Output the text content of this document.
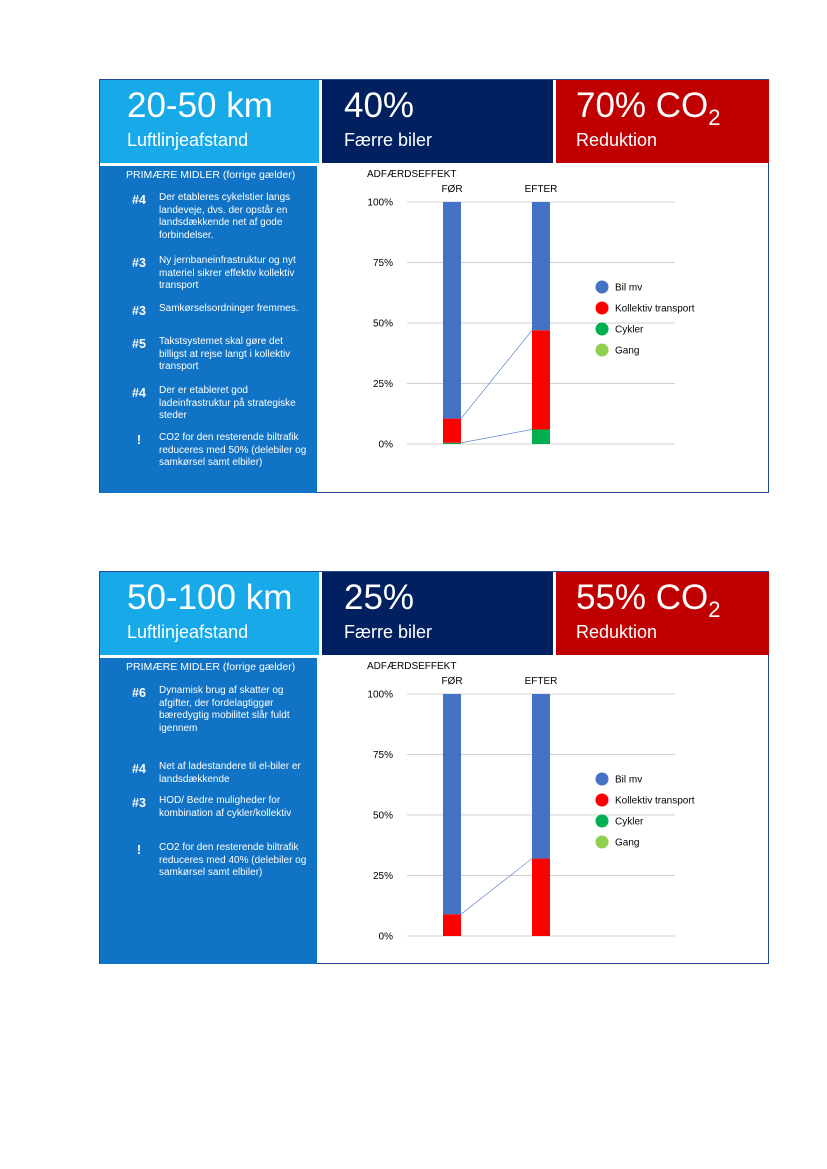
20-50 km
Luftlinjeafstand
40%
Færre biler
70% $CO_2$
Reduktion
PRIMÆRE MIDLER (forrige gælder)
#4	Der etableres cykelstier langs landeveje, dvs. der opstår en landsdækkende net af gode forbindelser.
#3	Ny jernbaneinfrastruktur og nyt materiel sikrer effektiv kollektiv transport
#3	Samkørselsordninger fremmes.
#5	Takstsystemet skal gøre det billigst at rejse langt i kollektiv transport
#4	Der er etableret god ladeinfrastruktur på strategiske steder
!	CO2 for den resterende biltrafik reduceres med 50% (delebiler og samkørsel samt elbiler)
ADFÆRDSEFFEKT
0%
25%
50%
75%
100%
FØR	EFTER
Bil mv
Kollektiv transport
Cykler
Gang
50-100 km
Luftlinjeafstand
25%
Færre biler
55% $CO_2$
Reduktion
PRIMÆRE MIDLER (forrige gælder)
#6	Dynamisk brug af skatter og afgifter, der fordelagtiggør bæredygtig mobilitet slår fuldt igennem
#4	Net af ladestandere til el-biler er landsdækkende
#3	HOD/ Bedre muligheder for kombination af cykler/kollektiv
!	CO2 for den resterende biltrafik reduceres med 40% (delebiler og samkørsel samt elbiler)
ADFÆRDSEFFEKT
0%
25%
50%
75%
100%
FØR	EFTER
Bil mv
Kollektiv transport
Cykler
Gang
